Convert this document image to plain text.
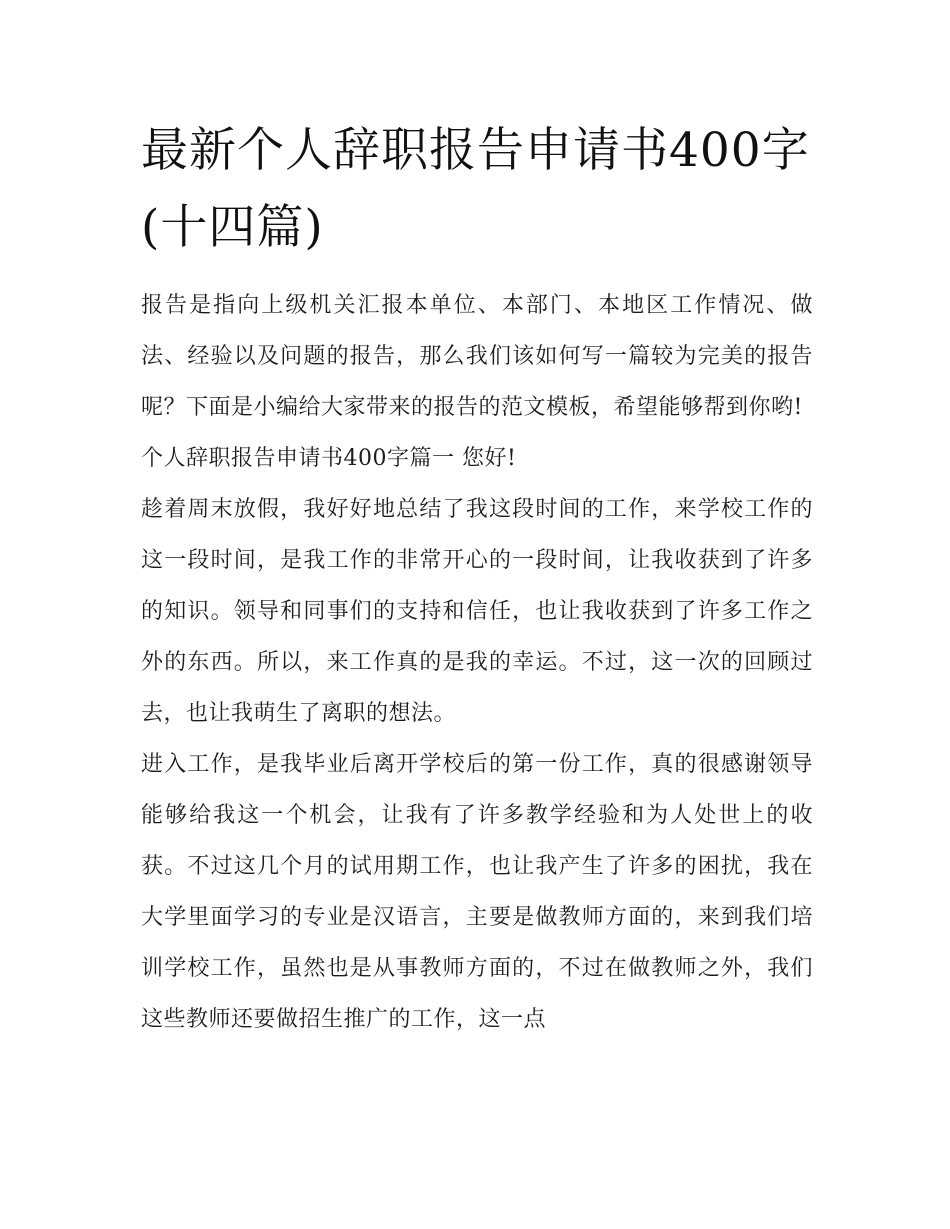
最新个人辞职报告申请书400字(十四篇)

报告是指向上级机关汇报本单位、本部门、本地区工作情况、做法、经验以及问题的报告，那么我们该如何写一篇较为完美的报告呢？下面是小编给大家带来的报告的范文模板，希望能够帮到你哟!

个人辞职报告申请书400字篇一 您好!

趁着周末放假，我好好地总结了我这段时间的工作，来学校工作的这一段时间，是我工作的非常开心的一段时间，让我收获到了许多的知识。领导和同事们的支持和信任，也让我收获到了许多工作之外的东西。所以，来工作真的是我的幸运。不过，这一次的回顾过去，也让我萌生了离职的想法。

进入工作，是我毕业后离开学校后的第一份工作，真的很感谢领导能够给我这一个机会，让我有了许多教学经验和为人处世上的收获。不过这几个月的试用期工作，也让我产生了许多的困扰，我在大学里面学习的专业是汉语言，主要是做教师方面的，来到我们培训学校工作，虽然也是从事教师方面的，不过在做教师之外，我们这些教师还要做招生推广的工作，这一点
